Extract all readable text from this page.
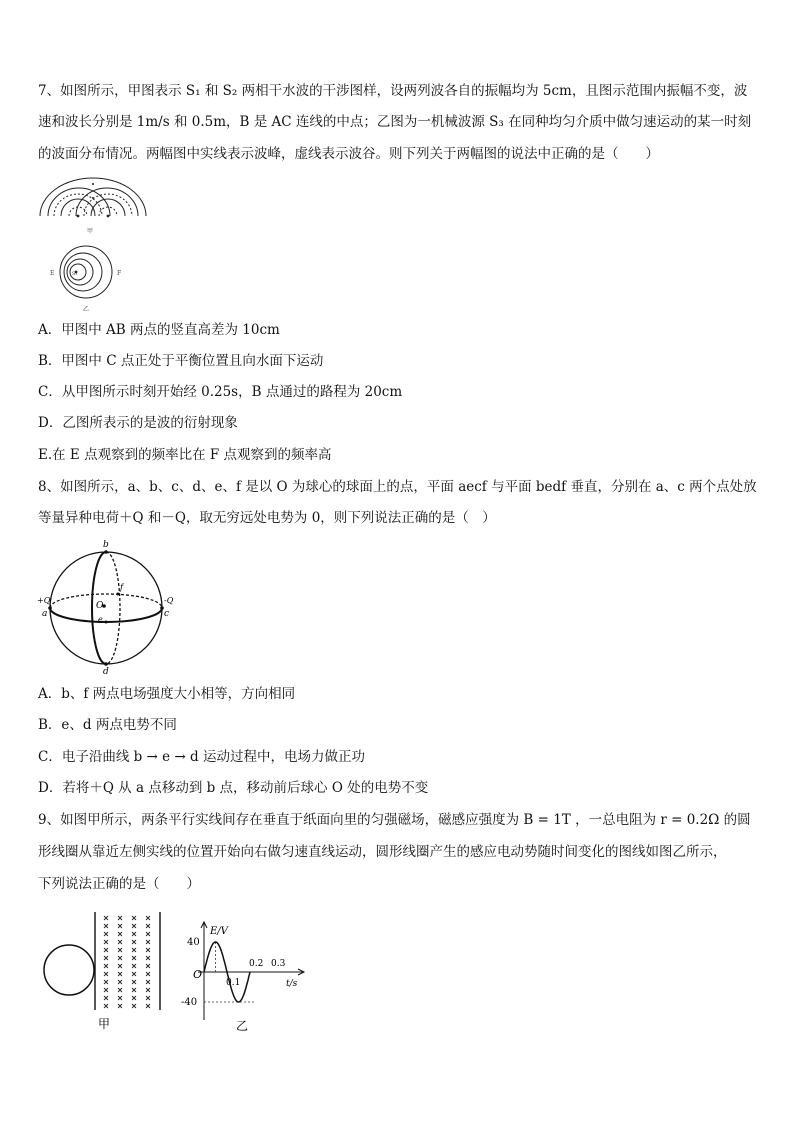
7、如图所示，甲图表示 S₁ 和 S₂ 两相干水波的干涉图样，设两列波各自的振幅均为 5cm，且图示范围内振幅不变，波
速和波长分别是 1m/s 和 0.5m，B 是 AC 连线的中点；乙图为一机械波源 S₃ 在同种均匀介质中做匀速运动的某一时刻
的波面分布情况。两幅图中实线表示波峰，虚线表示波谷。则下列关于两幅图的说法中正确的是（　　）
甲
S₃
E	F
乙
A．甲图中 AB 两点的竖直高差为 10cm
B．甲图中 C 点正处于平衡位置且向水面下运动
C．从甲图所示时刻开始经 0.25s，B 点通过的路程为 20cm
D．乙图所表示的是波的衍射现象
E.在 E 点观察到的频率比在 F 点观察到的频率高
8、如图所示，a、b、c、d、e、f 是以 O 为球心的球面上的点，平面 aecf 与平面 bedf 垂直，分别在 a、c 两个点处放
等量异种电荷＋Q 和－Q，取无穷远处电势为 0，则下列说法正确的是（　）
b
d
a	c
+Q	-Q
O
e
f
A．b、f 两点电场强度大小相等，方向相同
B．e、d 两点电势不同
C．电子沿曲线 b → e → d 运动过程中，电场力做正功
D．若将＋Q 从 a 点移动到 b 点，移动前后球心 O 处的电势不变
9、如图甲所示，两条平行实线间存在垂直于纸面向里的匀强磁场，磁感应强度为 B = 1T ，一总电阻为 r = 0.2Ω 的圆
形线圈从靠近左侧实线的位置开始向右做匀速直线运动，圆形线圈产生的感应电动势随时间变化的图线如图乙所示，
下列说法正确的是（　　）
甲
E/V
t/s
O
40
-40
0.1
0.2 0.3
乙
